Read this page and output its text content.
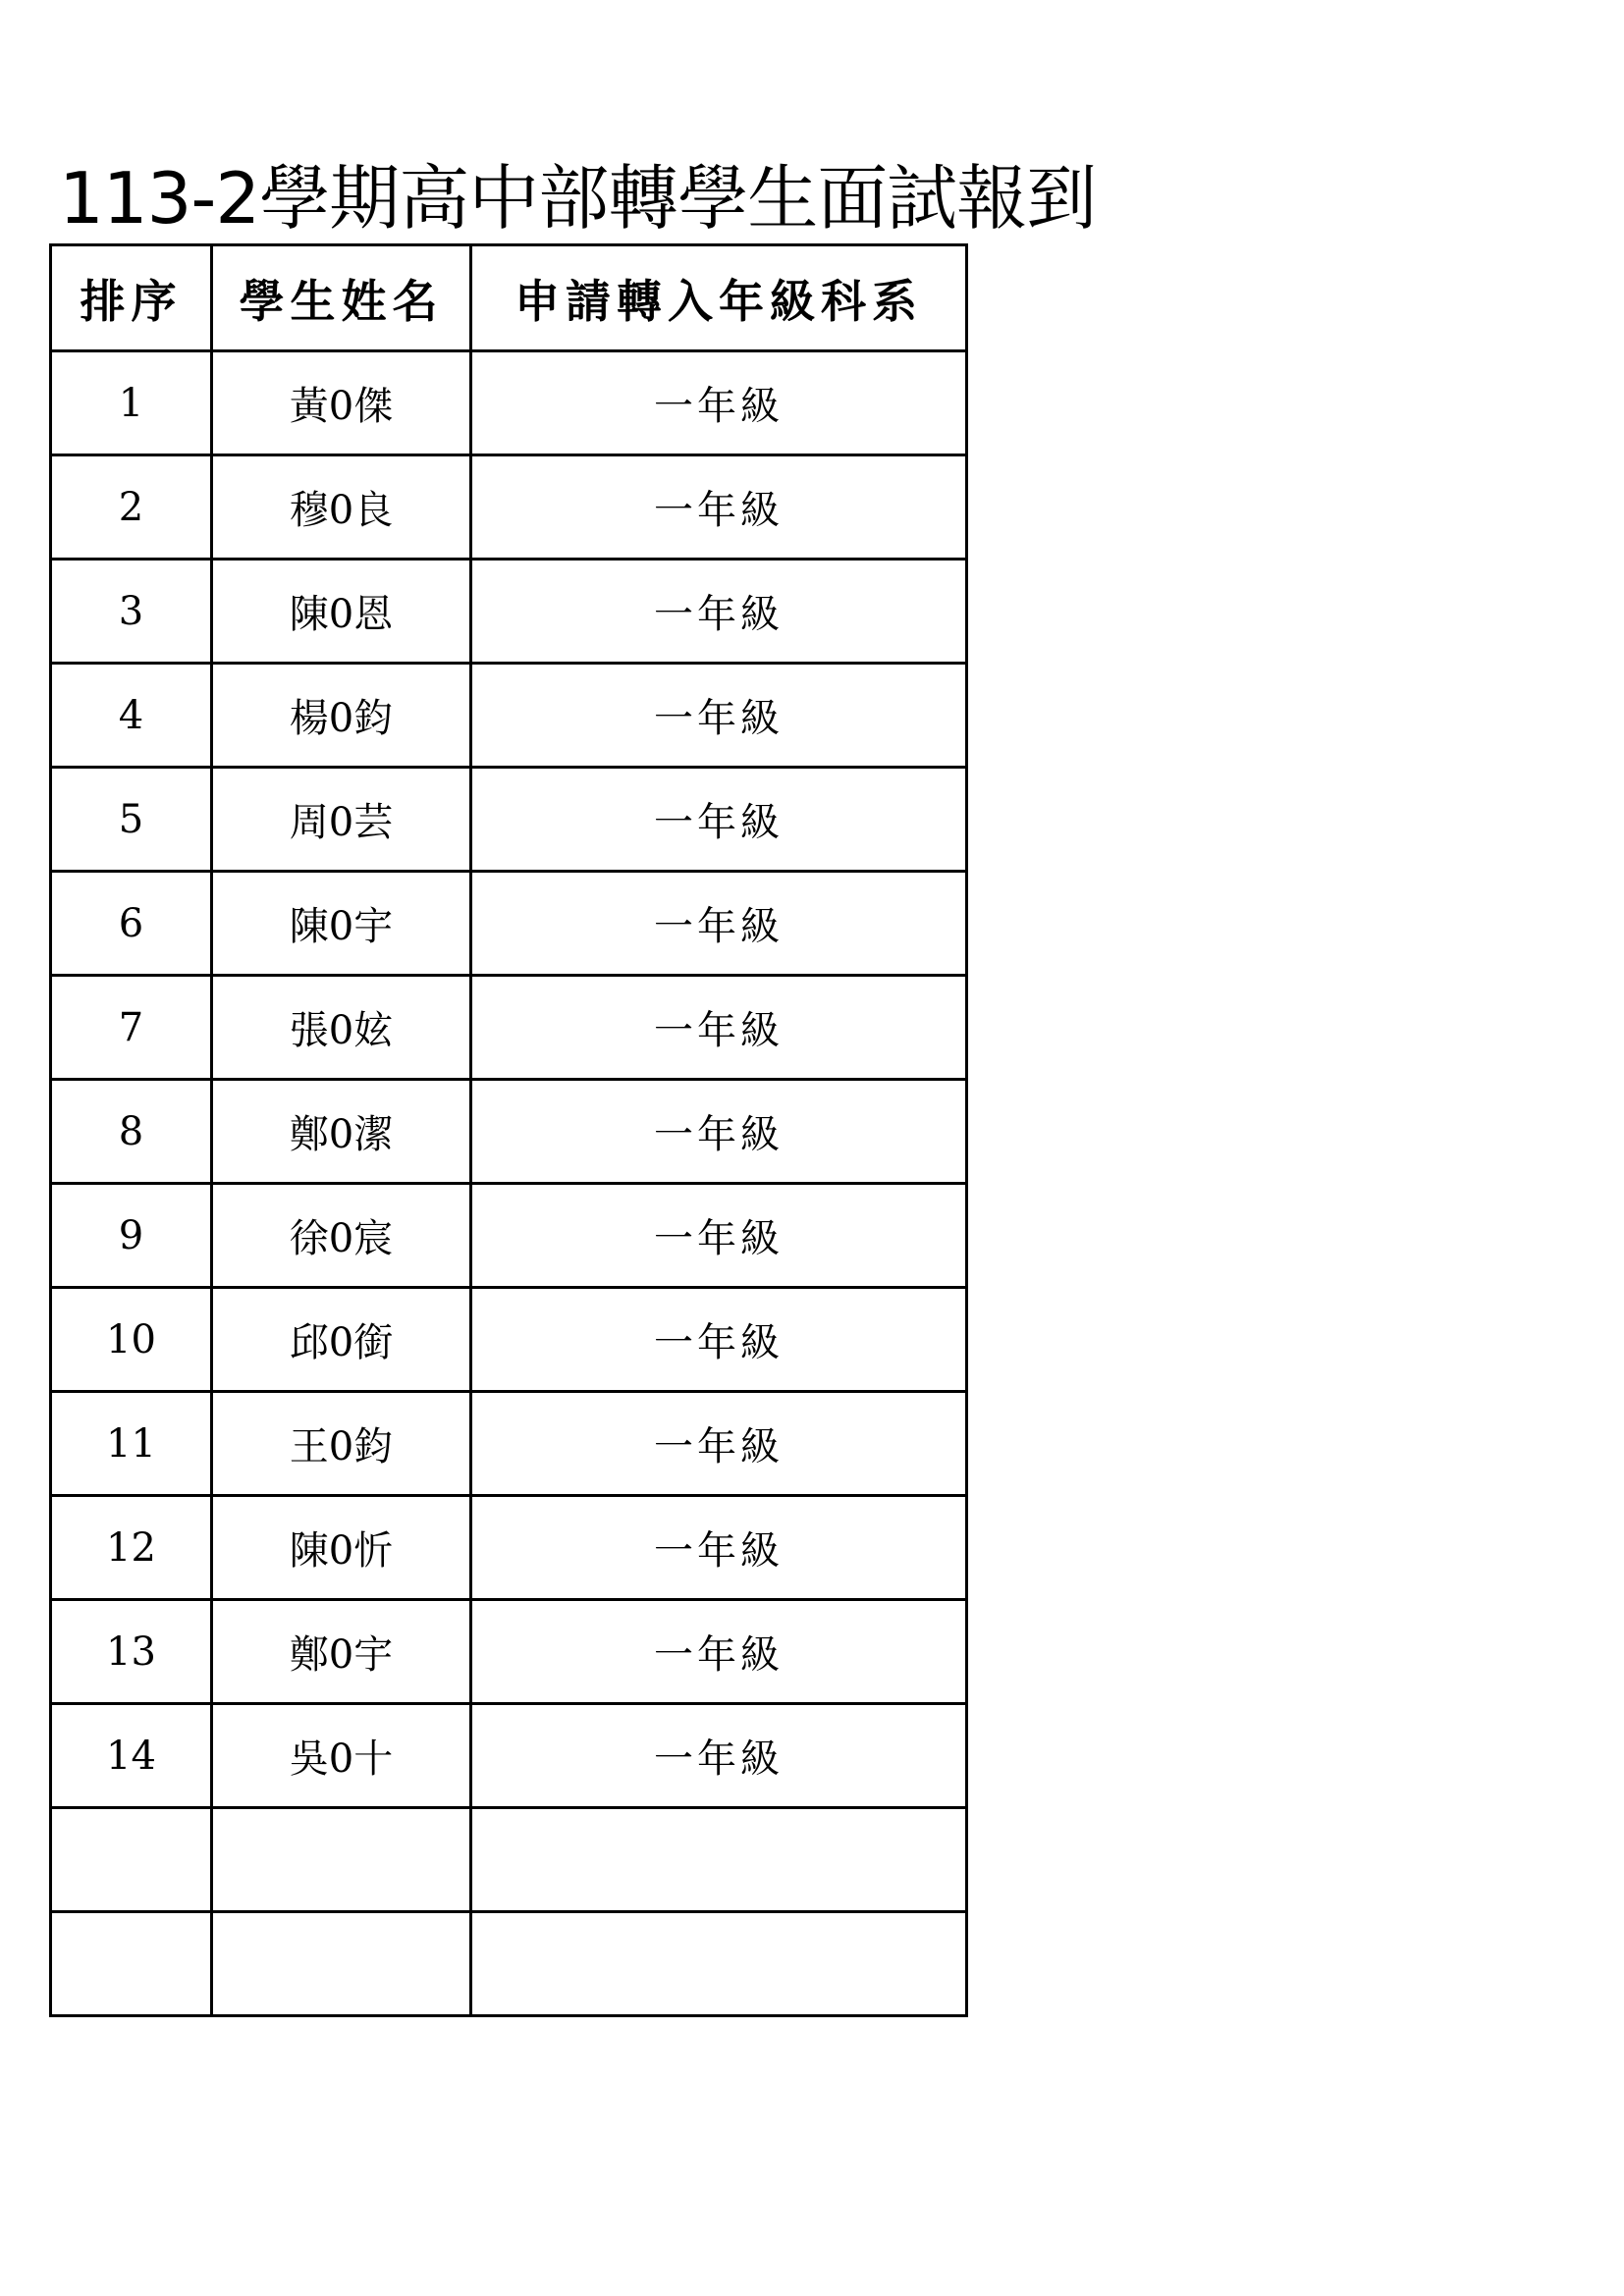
113-2學期高中部轉學生面試報到
排序	學生姓名	申請轉入年級科系
1	黃0傑	一年級
2	穆0良	一年級
3	陳0恩	一年級
4	楊0鈞	一年級
5	周0芸	一年級
6	陳0宇	一年級
7	張0妶	一年級
8	鄭0潔	一年級
9	徐0宸	一年級
10	邱0銜	一年級
11	王0鈞	一年級
12	陳0忻	一年級
13	鄭0宇	一年級
14	吳0十	一年級
